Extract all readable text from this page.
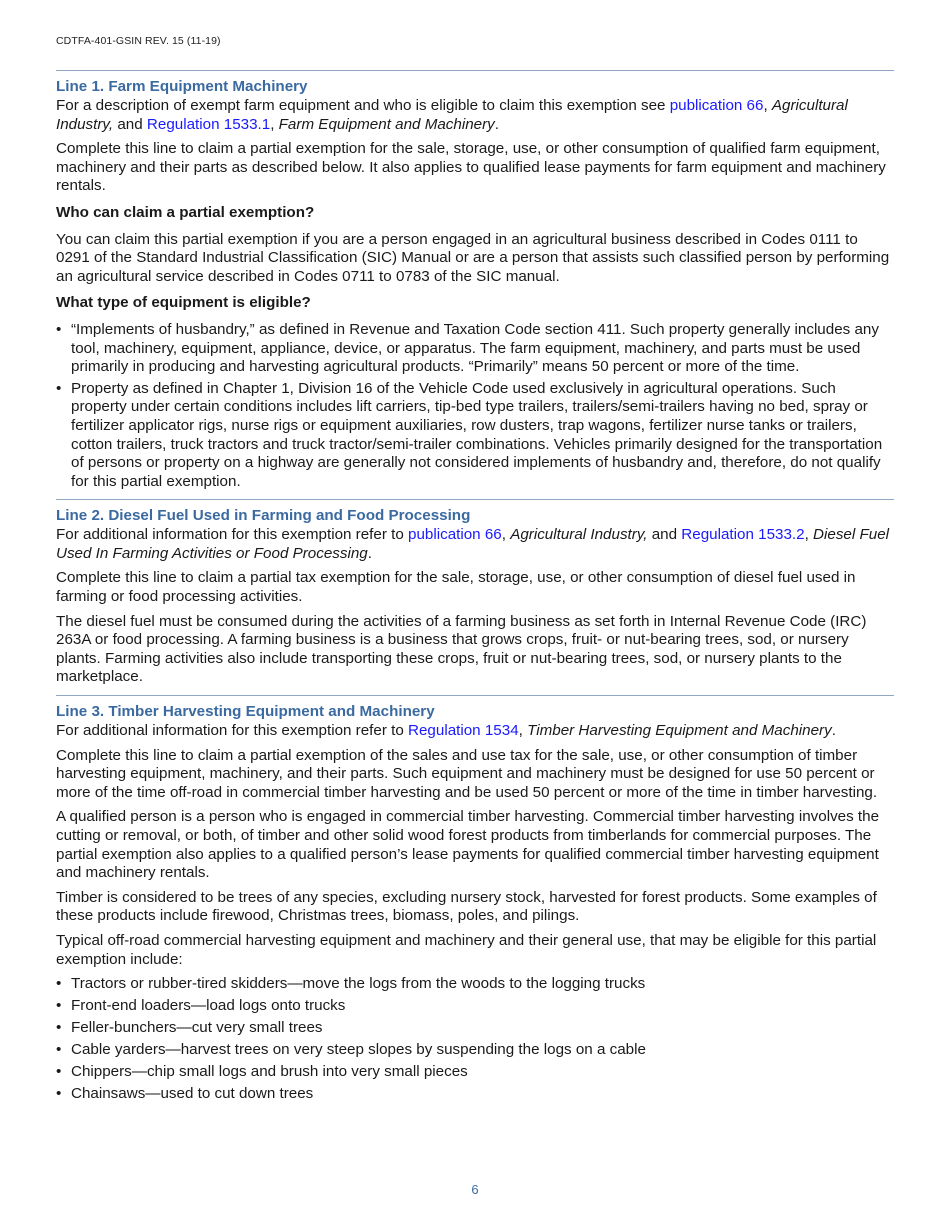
CDTFA-401-GSIN REV. 15 (11-19)
Line 1. Farm Equipment Machinery

For a description of exempt farm equipment and who is eligible to claim this exemption see publication 66, Agricultural Industry, and Regulation 1533.1, Farm Equipment and Machinery.

Complete this line to claim a partial exemption for the sale, storage, use, or other consumption of qualified farm equipment, machinery and their parts as described below. It also applies to qualified lease payments for farm equipment and machinery rentals.

Who can claim a partial exemption?

You can claim this partial exemption if you are a person engaged in an agricultural business described in Codes 0111 to 0291 of the Standard Industrial Classification (SIC) Manual or are a person that assists such classified person by performing an agricultural service described in Codes 0711 to 0783 of the SIC manual.

What type of equipment is eligible?

• “Implements of husbandry,” as defined in Revenue and Taxation Code section 411. Such property generally includes any tool, machinery, equipment, appliance, device, or apparatus. The farm equipment, machinery, and parts must be used primarily in producing and harvesting agricultural products. “Primarily” means 50 percent or more of the time.
• Property as defined in Chapter 1, Division 16 of the Vehicle Code used exclusively in agricultural operations. Such property under certain conditions includes lift carriers, tip-bed type trailers, trailers/semi-trailers having no bed, spray or fertilizer applicator rigs, nurse rigs or equipment auxiliaries, row dusters, trap wagons, fertilizer nurse tanks or trailers, cotton trailers, truck tractors and truck tractor/semi-trailer combinations. Vehicles primarily designed for the transportation of persons or property on a highway are generally not considered implements of husbandry and, therefore, do not qualify for this partial exemption.
Line 2. Diesel Fuel Used in Farming and Food Processing

For additional information for this exemption refer to publication 66, Agricultural Industry, and Regulation 1533.2, Diesel Fuel Used In Farming Activities or Food Processing.

Complete this line to claim a partial tax exemption for the sale, storage, use, or other consumption of diesel fuel used in farming or food processing activities.

The diesel fuel must be consumed during the activities of a farming business as set forth in Internal Revenue Code (IRC) 263A or food processing. A farming business is a business that grows crops, fruit- or nut-bearing trees, sod, or nursery plants. Farming activities also include transporting these crops, fruit or nut-bearing trees, sod, or nursery plants to the marketplace.

Line 3. Timber Harvesting Equipment and Machinery

For additional information for this exemption refer to Regulation 1534, Timber Harvesting Equipment and Machinery.

Complete this line to claim a partial exemption of the sales and use tax for the sale, use, or other consumption of timber harvesting equipment, machinery, and their parts. Such equipment and machinery must be designed for use 50 percent or more of the time off-road in commercial timber harvesting and be used 50 percent or more of the time in timber harvesting.

A qualified person is a person who is engaged in commercial timber harvesting. Commercial timber harvesting involves the cutting or removal, or both, of timber and other solid wood forest products from timberlands for commercial purposes. The partial exemption also applies to a qualified person’s lease payments for qualified commercial timber harvesting equipment and machinery rentals.

Timber is considered to be trees of any species, excluding nursery stock, harvested for forest products. Some examples of these products include firewood, Christmas trees, biomass, poles, and pilings.

Typical off-road commercial harvesting equipment and machinery and their general use, that may be eligible for this partial exemption include:

• Tractors or rubber-tired skidders—move the logs from the woods to the logging trucks
• Front-end loaders—load logs onto trucks
• Feller-bunchers—cut very small trees
• Cable yarders—harvest trees on very steep slopes by suspending the logs on a cable
• Chippers—chip small logs and brush into very small pieces
• Chainsaws—used to cut down trees
6
